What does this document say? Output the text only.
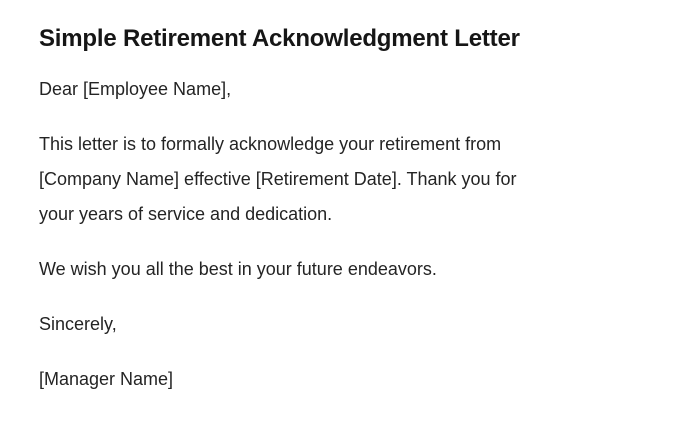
Simple Retirement Acknowledgment Letter

Dear [Employee Name],

This letter is to formally acknowledge your retirement from
[Company Name] effective [Retirement Date]. Thank you for
your years of service and dedication.

We wish you all the best in your future endeavors.

Sincerely,

[Manager Name]
